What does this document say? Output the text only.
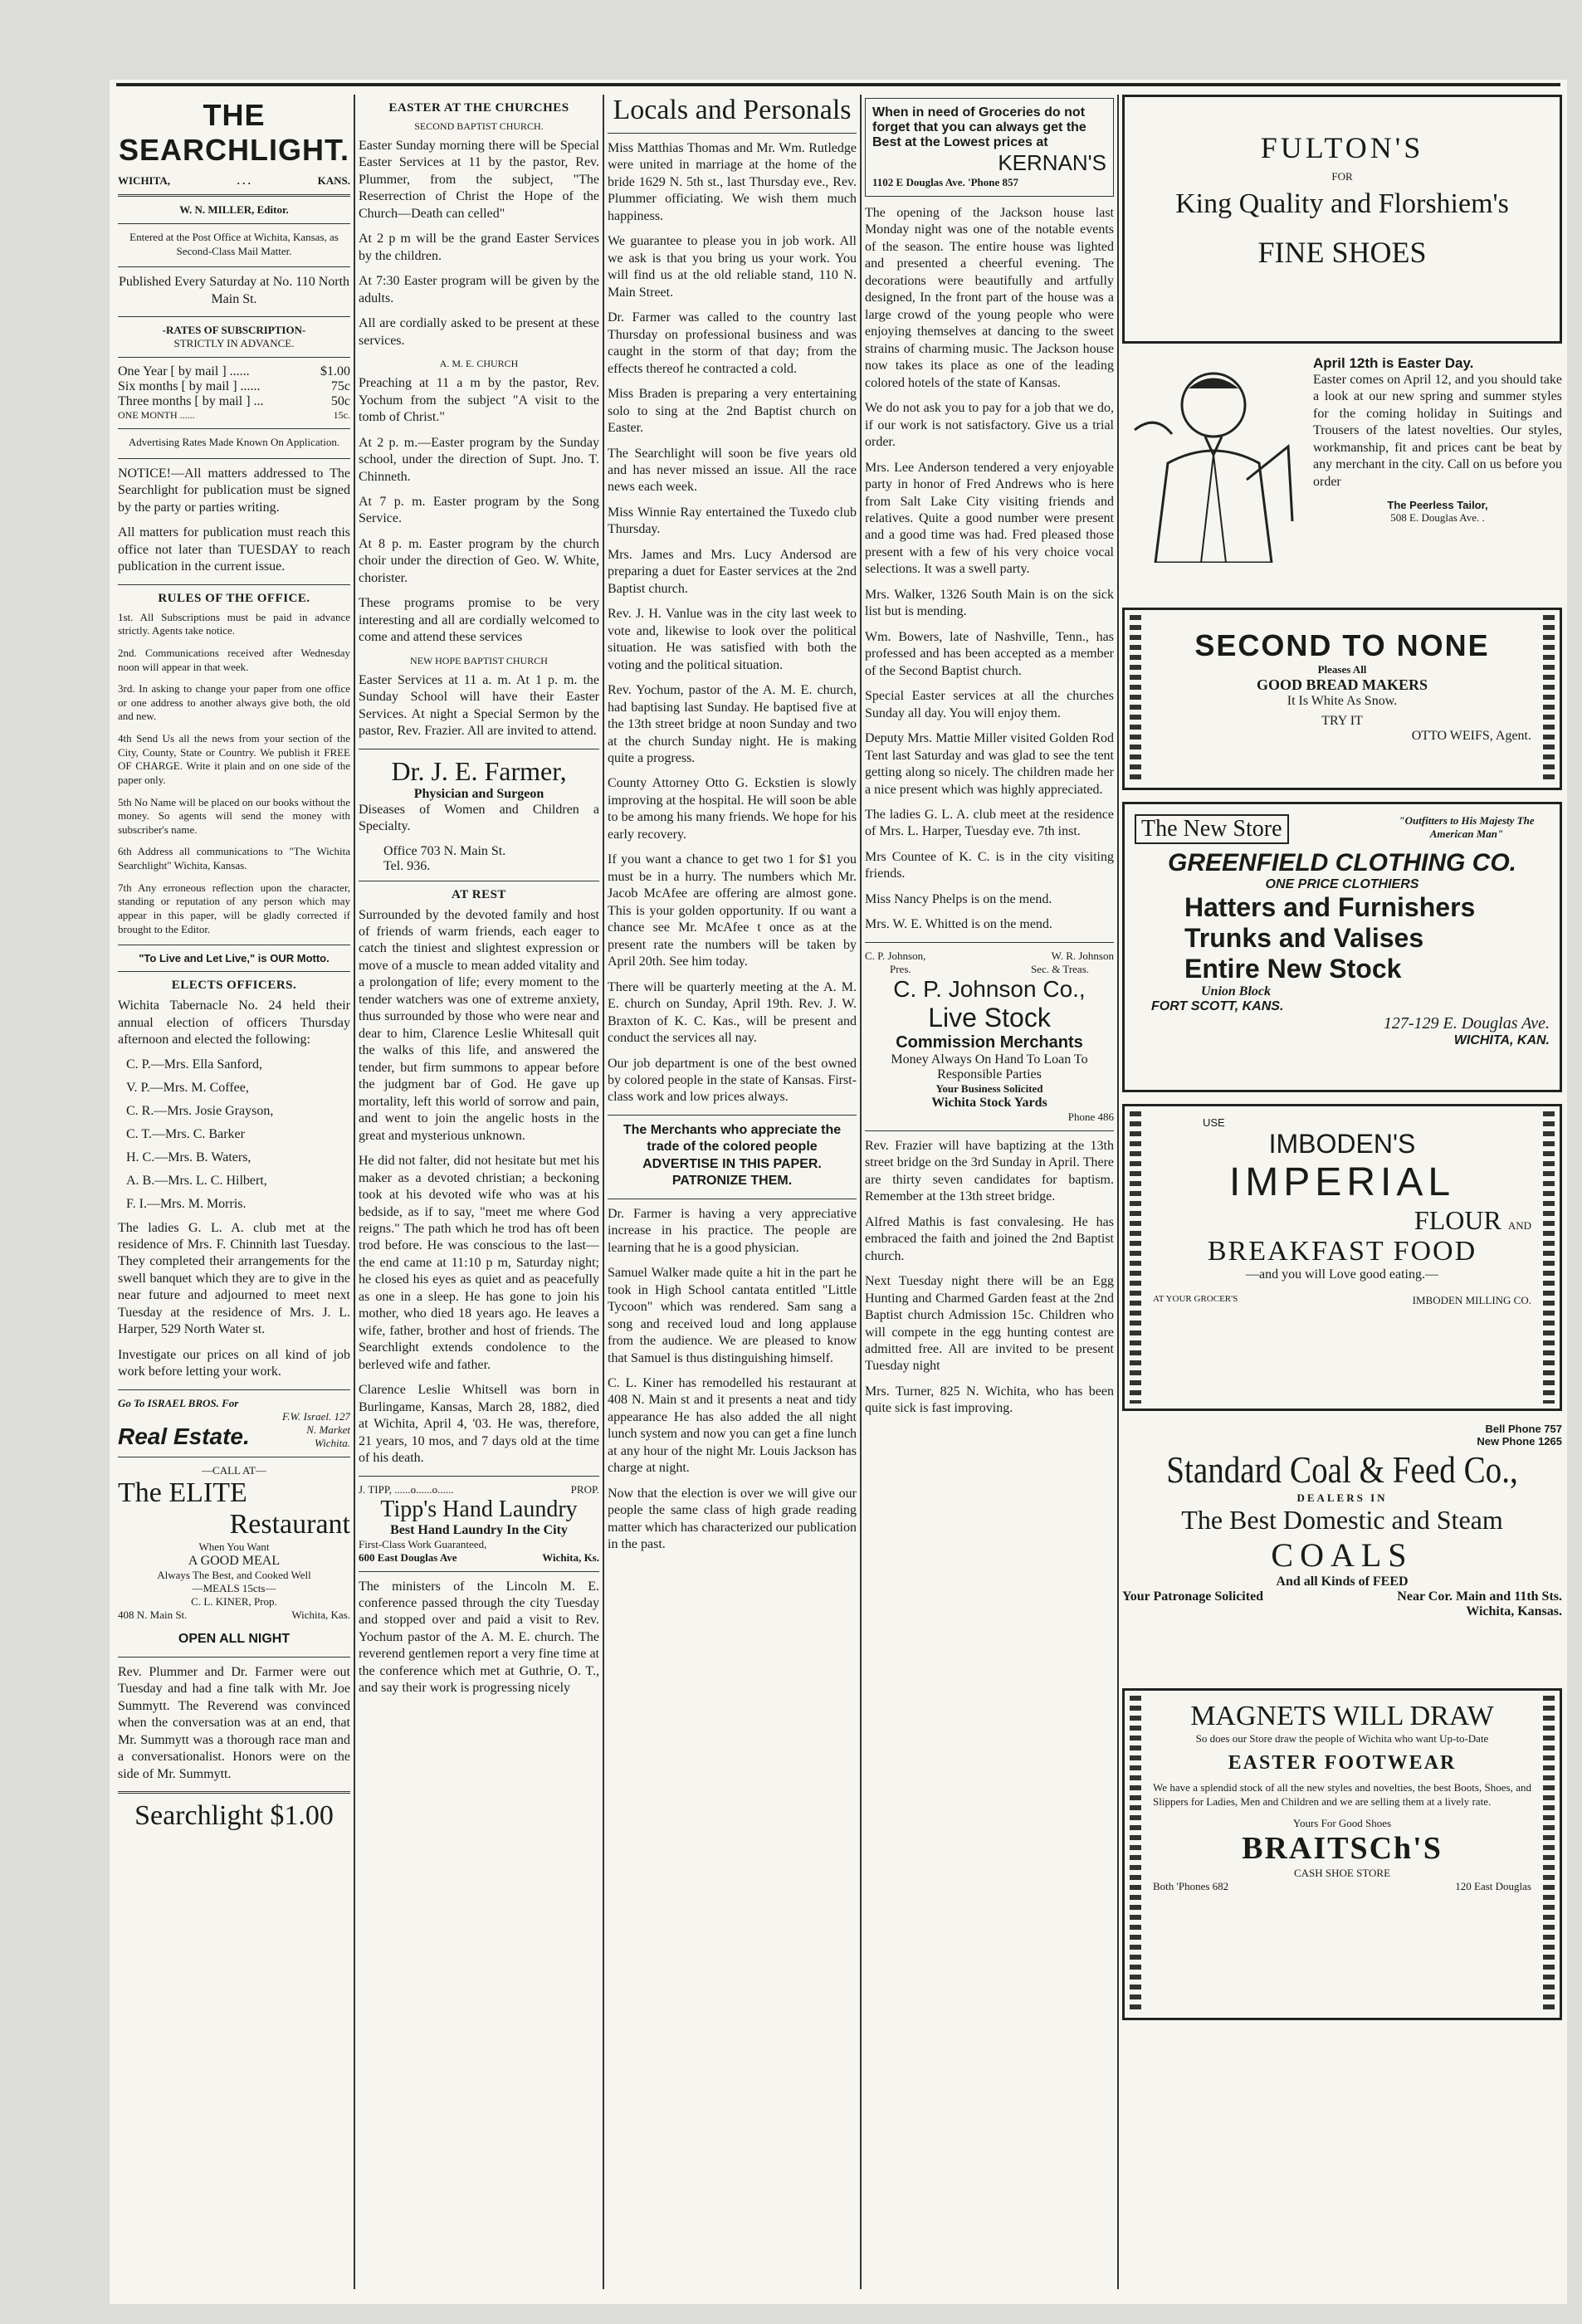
THE SEARCHLIGHT.
WICHITA,	. . .	KANS.
W. N. MILLER, Editor.

Entered at the Post Office at Wichita, Kansas, as Second-Class Mail Matter.

Published Every Saturday at No. 110 North Main St.

-RATES OF SUBSCRIPTION-
STRICTLY IN ADVANCE.
One Year [ by mail ] ......	$1.00
Six months [ by mail ] ......	75c
Three months [ by mail ] ...	50c
ONE MONTH ......	15c.

Advertising Rates Made Known On Application.

NOTICE!—All matters addressed to The Searchlight for publication must be signed by the party or parties writing.

All matters for publication must reach this office not later than TUESDAY to reach publication in the current issue.

RULES OF THE OFFICE.

1st. All Subscriptions must be paid in advance strictly. Agents take notice.

2nd. Communications received after Wednesday noon will appear in that week.

3rd. In asking to change your paper from one office or one address to another always give both, the old and new.

4th Send Us all the news from your section of the City, County, State or Country. We publish it FREE OF CHARGE. Write it plain and on one side of the paper only.

5th No Name will be placed on our books without the money. So agents will send the money with subscriber's name.

6th Address all communications to "The Wichita Searchlight" Wichita, Kansas.

7th Any erroneous reflection upon the character, standing or reputation of any person which may appear in this paper, will be gladly corrected if brought to the Editor.

"To Live and Let Live," is OUR Motto.
ELECTS OFFICERS.

Wichita Tabernacle No. 24 held their annual election of officers Thursday afternoon and elected the following:

C. P.—Mrs. Ella Sanford,
V. P.—Mrs. M. Coffee,
C. R.—Mrs. Josie Grayson,
C. T.—Mrs. C. Barker
H. C.—Mrs. B. Waters,
A. B.—Mrs. L. C. Hilbert,
F. I.—Mrs. M. Morris.

The ladies G. L. A. club met at the residence of Mrs. F. Chinnith last Tuesday. They completed their arrangements for the swell banquet which they are to give in the near future and adjourned to meet next Tuesday at the residence of Mrs. J. L. Harper, 529 North Water st.

Investigate our prices on all kind of job work before letting your work.

Go To ISRAEL BROS. For
Real Estate.
F.W. Israel. 127 N. Market Wichita.
—CALL AT—
The ELITE
Restaurant
When You Want
A GOOD MEAL
Always The Best, and Cooked Well
—MEALS 15cts—
C. L. KINER, Prop.
408 N. Main St.	Wichita, Kas.
OPEN ALL NIGHT

Rev. Plummer and Dr. Farmer were out Tuesday and had a fine talk with Mr. Joe Summytt. The Reverend was convinced when the conversation was at an end, that Mr. Summytt was a thorough race man and a conversationalist. Honors were on the side of Mr. Summytt.

Searchlight $1.00
EASTER AT THE CHURCHES
SECOND BAPTIST CHURCH.

Easter Sunday morning there will be Special Easter Services at 11 by the pastor, Rev. Plummer, from the subject, "The Reserrection of Christ the Hope of the Church—Death can celled"

At 2 p m will be the grand Easter Services by the children.

At 7:30 Easter program will be given by the adults.

All are cordially asked to be present at these services.

A. M. E. CHURCH

Preaching at 11 a m by the pastor, Rev. Yochum from the subject "A visit to the tomb of Christ."

At 2 p. m.—Easter program by the Sunday school, under the direction of Supt. Jno. T. Chinneth.

At 7 p. m. Easter program by the Song Service.

At 8 p. m. Easter program by the church choir under the direction of Geo. W. White, chorister.

These programs promise to be very interesting and all are cordially welcomed to come and attend these services

NEW HOPE BAPTIST CHURCH

Easter Services at 11 a. m. At 1 p. m. the Sunday School will have their Easter Services. At night a Special Sermon by the pastor, Rev. Frazier. All are invited to attend.

Dr. J. E. Farmer,
Physician and Surgeon

Diseases of Women and Children a Specialty.

Office 703 N. Main St.
Tel. 936.
AT REST

Surrounded by the devoted family and host of friends of warm friends, each eager to catch the tiniest and slightest expression or move of a muscle to mean added vitality and a prolongation of life; every moment to the tender watchers was one of extreme anxiety, thus surrounded by those who were near and dear to him, Clarence Leslie Whitesall quit the walks of this life, and answered the tender, but firm summons to appear before the judgment bar of God. He gave up mortality, left this world of sorrow and pain, and went to join the angelic hosts in the great and mysterious unknown.

He did not falter, did not hesitate but met his maker as a devoted christian; a beckoning took at his devoted wife who was at his bedside, as if to say, "meet me where God reigns." The path which he trod has oft been trod before. He was conscious to the last—the end came at 11:10 p m, Saturday night; he closed his eyes as quiet and as peacefully as one in a sleep. He has gone to join his mother, who died 18 years ago. He leaves a wife, father, brother and host of friends. The Searchlight extends condolence to the berleved wife and father.

Clarence Leslie Whitsell was born in Burlingame, Kansas, March 28, 1882, died at Wichita, April 4, '03. He was, therefore, 21 years, 10 mos, and 7 days old at the time of his death.

J. TIPP, ......o......o......	PROP.
Tipp's Hand Laundry
Best Hand Laundry In the City
First-Class Work Guaranteed,
600 East Douglas Ave	Wichita, Ks.

The ministers of the Lincoln M. E. conference passed through the city Tuesday and stopped over and paid a visit to Rev. Yochum pastor of the A. M. E. church. The reverend gentlemen report a very fine time at the conference which met at Guthrie, O. T., and say their work is progressing nicely

Locals and Personals

Miss Matthias Thomas and Mr. Wm. Rutledge were united in marriage at the home of the bride 1629 N. 5th st., last Thursday eve., Rev. Plummer officiating. We wish them much happiness.

We guarantee to please you in job work. All we ask is that you bring us your work. You will find us at the old reliable stand, 110 N. Main Street.

Dr. Farmer was called to the country last Thursday on professional business and was caught in the storm of that day; from the effects thereof he contracted a cold.

Miss Braden is preparing a very entertaining solo to sing at the 2nd Baptist church on Easter.

The Searchlight will soon be five years old and has never missed an issue. All the race news each week.

Miss Winnie Ray entertained the Tuxedo club Thursday.

Mrs. James and Mrs. Lucy Andersod are preparing a duet for Easter services at the 2nd Baptist church.

Rev. J. H. Vanlue was in the city last week to vote and, likewise to look over the political situation. He was satisfied with both the voting and the political situation.

Rev. Yochum, pastor of the A. M. E. church, had baptising last Sunday. He baptised five at the 13th street bridge at noon Sunday and two at the church Sunday night. He is making quite a progress.

County Attorney Otto G. Eckstien is slowly improving at the hospital. He will soon be able to be among his many friends. We hope for his early recovery.

If you want a chance to get two 1 for $1 you must be in a hurry. The numbers which Mr. Jacob McAfee are offering are almost gone. This is your golden opportunity. If ou want a chance see Mr. McAfee t once as at the present rate the numbers will be taken by April 20th. See him today.

There will be quarterly meeting at the A. M. E. church on Sunday, April 19th. Rev. J. W. Braxton of K. C. Kas., will be present and conduct the services all nay.

Our job department is one of the best owned by colored people in the state of Kansas. First-class work and low prices always.

The Merchants who appreciate the trade of the colored people ADVERTISE IN THIS PAPER. PATRONIZE THEM.

Dr. Farmer is having a very appreciative increase in his practice. The people are learning that he is a good physician.

Samuel Walker made quite a hit in the part he took in High School cantata entitled "Little Tycoon" which was rendered. Sam sang a song and received loud and long applause from the audience. We are pleased to know that Samuel is thus distinguishing himself.

C. L. Kiner has remodelled his restaurant at 408 N. Main st and it presents a neat and tidy appearance He has also added the all night lunch system and now you can get a fine lunch at any hour of the night Mr. Louis Jackson has charge at night.

Now that the election is over we will give our people the same class of high grade reading matter which has characterized our publication in the past.

When in need of Groceries do not forget that you can always get the Best at the Lowest prices at
KERNAN'S
1102 E Douglas Ave. 'Phone 857

The opening of the Jackson house last Monday night was one of the notable events of the season. The entire house was lighted and presented a cheerful evening. The decorations were beautifully and artfully designed, In the front part of the house was a large crowd of the young people who were enjoying themselves at dancing to the sweet strains of charming music. The Jackson house now takes its place as one of the leading colored hotels of the state of Kansas.

We do not ask you to pay for a job that we do, if our work is not satisfactory. Give us a trial order.

Mrs. Lee Anderson tendered a very enjoyable party in honor of Fred Andrews who is here from Salt Lake City visiting friends and relatives. Quite a good number were present and a good time was had. Fred pleased those present with a few of his very choice vocal selections. It was a swell party.

Mrs. Walker, 1326 South Main is on the sick list but is mending.

Wm. Bowers, late of Nashville, Tenn., has professed and has been accepted as a member of the Second Baptist church.

Special Easter services at all the churches Sunday all day. You will enjoy them.

Deputy Mrs. Mattie Miller visited Golden Rod Tent last Saturday and was glad to see the tent getting along so nicely. The children made her a nice present which was highly appreciated.

The ladies G. L. A. club meet at the residence of Mrs. L. Harper, Tuesday eve. 7th inst.

Mrs Countee of K. C. is in the city visiting friends.

Miss Nancy Phelps is on the mend.

Mrs. W. E. Whitted is on the mend.

C. P. Johnson,	W. R. Johnson
Pres.	Sec. & Treas.
C. P. Johnson Co.,
Live Stock
Commission Merchants
Money Always On Hand To Loan To Responsible Parties
Your Business Solicited
Wichita Stock Yards
Phone 486

Rev. Frazier will have baptizing at the 13th street bridge on the 3rd Sunday in April. There are thirty seven candidates for baptism. Remember at the 13th street bridge.

Alfred Mathis is fast convalesing. He has embraced the faith and joined the 2nd Baptist church.

Next Tuesday night there will be an Egg Hunting and Charmed Garden feast at the 2nd Baptist church Admission 15c. Children who will compete in the egg hunting contest are admitted free. All are invited to be present Tuesday night

Mrs. Turner, 825 N. Wichita, who has been quite sick is fast improving.

FULTON'S
FOR
King Quality and Florshiem's
FINE SHOES
April 12th is Easter Day.

Easter comes on April 12, and you should take a look at our new spring and summer styles for the coming holiday in Suitings and Trousers of the latest novelties. Our styles, workmanship, fit and prices cant be beat by any merchant in the city. Call on us before you order

The Peerless Tailor,
508 E. Douglas Ave. .
SECOND TO NONE
Pleases All
GOOD BREAD MAKERS
It Is White As Snow.
TRY IT
OTTO WEIFS, Agent.
The New Store	"Outfitters to His Majesty The American Man"
GREENFIELD CLOTHING CO.
ONE PRICE CLOTHIERS
Hatters and Furnishers
Trunks and Valises
Entire New Stock
Union Block
FORT SCOTT, KANS.
127-129 E. Douglas Ave.
WICHITA, KAN.
USE
IMBODEN'S
IMPERIAL
FLOUR AND
BREAKFAST FOOD
—and you will Love good eating.—
AT YOUR GROCER'S	IMBODEN MILLING CO.
Bell Phone 757
New Phone 1265
Standard Coal & Feed Co.,
DEALERS IN
The Best Domestic and Steam
COALS
And all Kinds of FEED
Your Patronage Solicited	Near Cor. Main and 11th Sts.
Wichita, Kansas.
MAGNETS WILL DRAW
So does our Store draw the people of Wichita who want Up-to-Date
EASTER FOOTWEAR

We have a splendid stock of all the new styles and novelties, the best Boots, Shoes, and Slippers for Ladies, Men and Children and we are selling them at a lively rate.

Yours For Good Shoes
BRAITSCh'S
CASH SHOE STORE
Both 'Phones 682	120 East Douglas
